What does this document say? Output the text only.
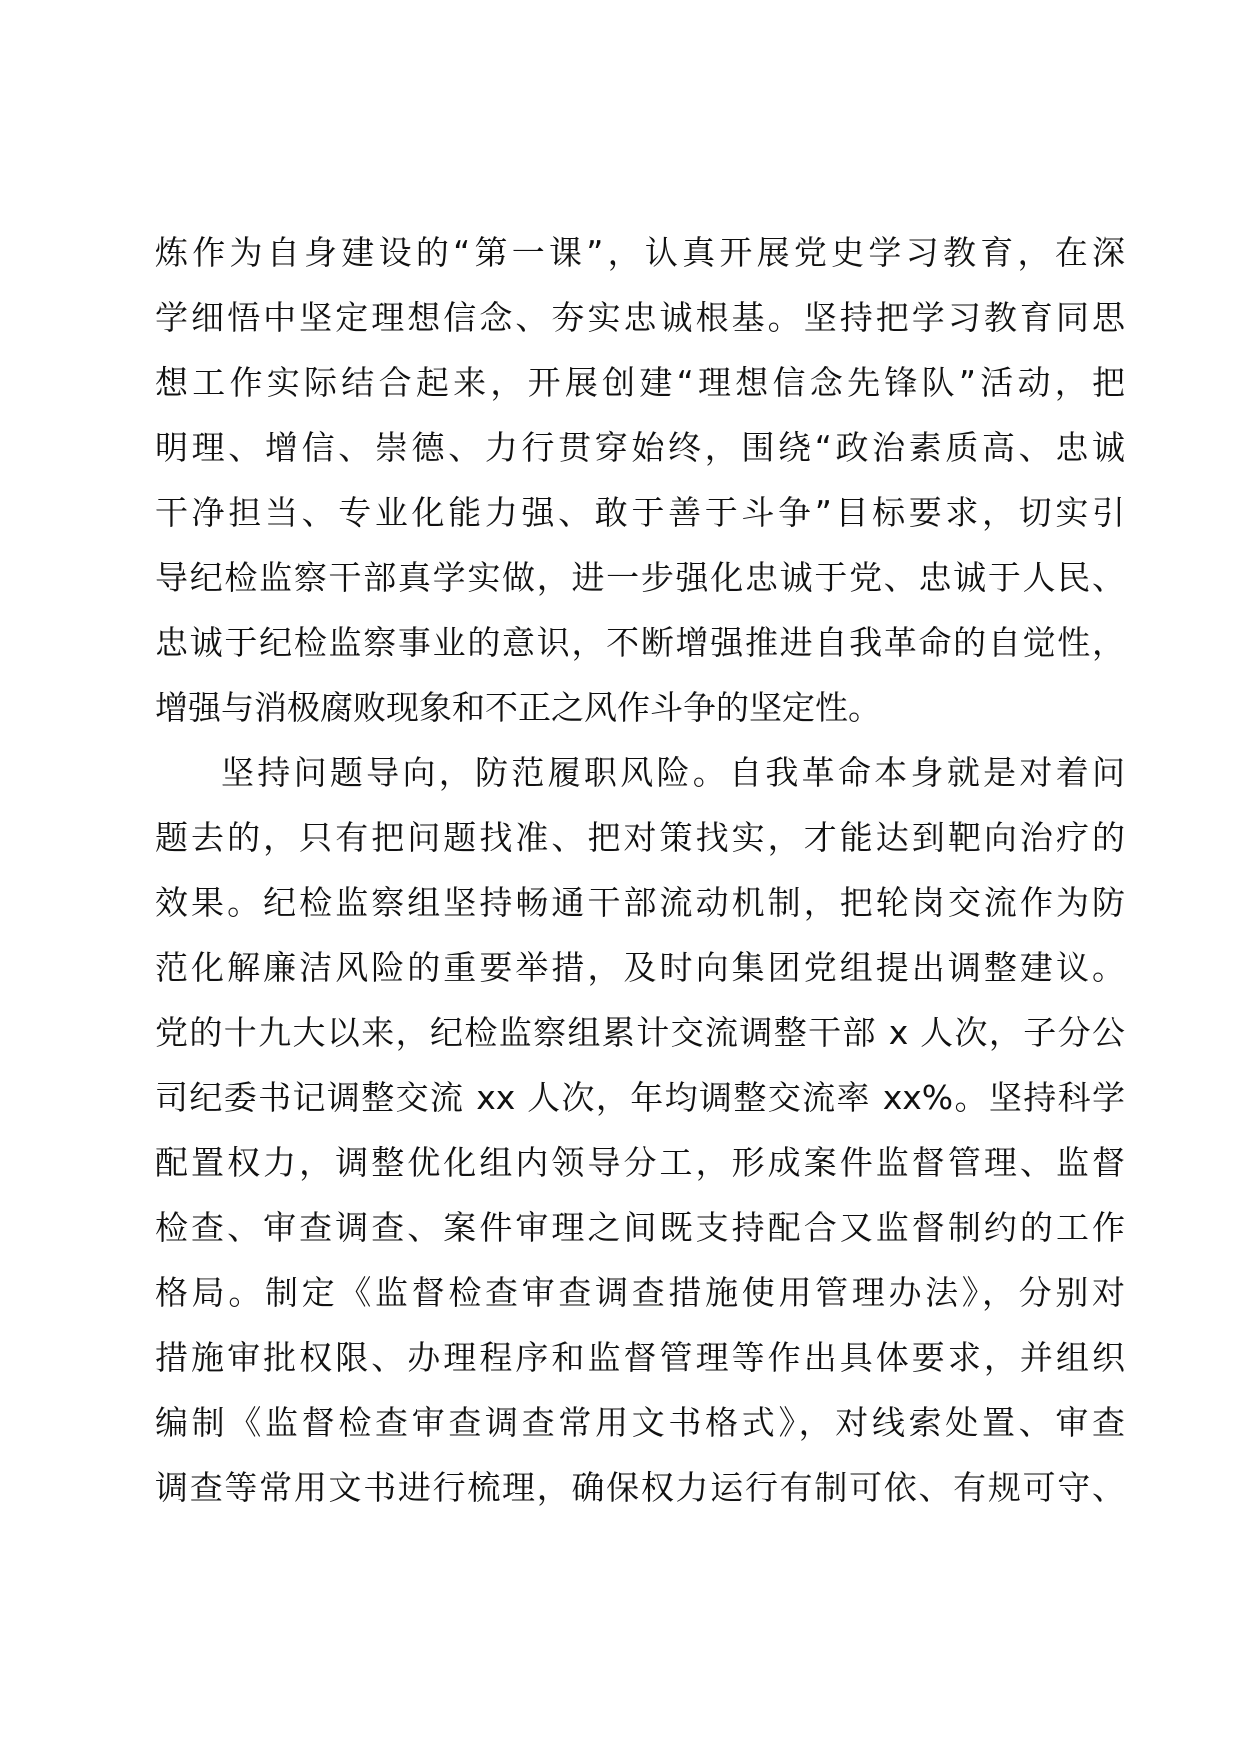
炼作为自身建设的“第一课”，认真开展党史学习教育，在深
学细悟中坚定理想信念、夯实忠诚根基。坚持把学习教育同思
想工作实际结合起来，开展创建“理想信念先锋队”活动，把
明理、增信、崇德、力行贯穿始终，围绕“政治素质高、忠诚
干净担当、专业化能力强、敢于善于斗争”目标要求，切实引
导纪检监察干部真学实做，进一步强化忠诚于党、忠诚于人民、
忠诚于纪检监察事业的意识，不断增强推进自我革命的自觉性，
增强与消极腐败现象和不正之风作斗争的坚定性。
坚持问题导向，防范履职风险。自我革命本身就是对着问
题去的，只有把问题找准、把对策找实，才能达到靶向治疗的
效果。纪检监察组坚持畅通干部流动机制，把轮岗交流作为防
范化解廉洁风险的重要举措，及时向集团党组提出调整建议。
党的十九大以来，纪检监察组累计交流调整干部 x 人次，子分公
司纪委书记调整交流 xx 人次，年均调整交流率 xx%。坚持科学
配置权力，调整优化组内领导分工，形成案件监督管理、监督
检查、审查调查、案件审理之间既支持配合又监督制约的工作
格局。制定《监督检查审查调查措施使用管理办法》，分别对
措施审批权限、办理程序和监督管理等作出具体要求，并组织
编制《监督检查审查调查常用文书格式》，对线索处置、审查
调查等常用文书进行梳理，确保权力运行有制可依、有规可守、
